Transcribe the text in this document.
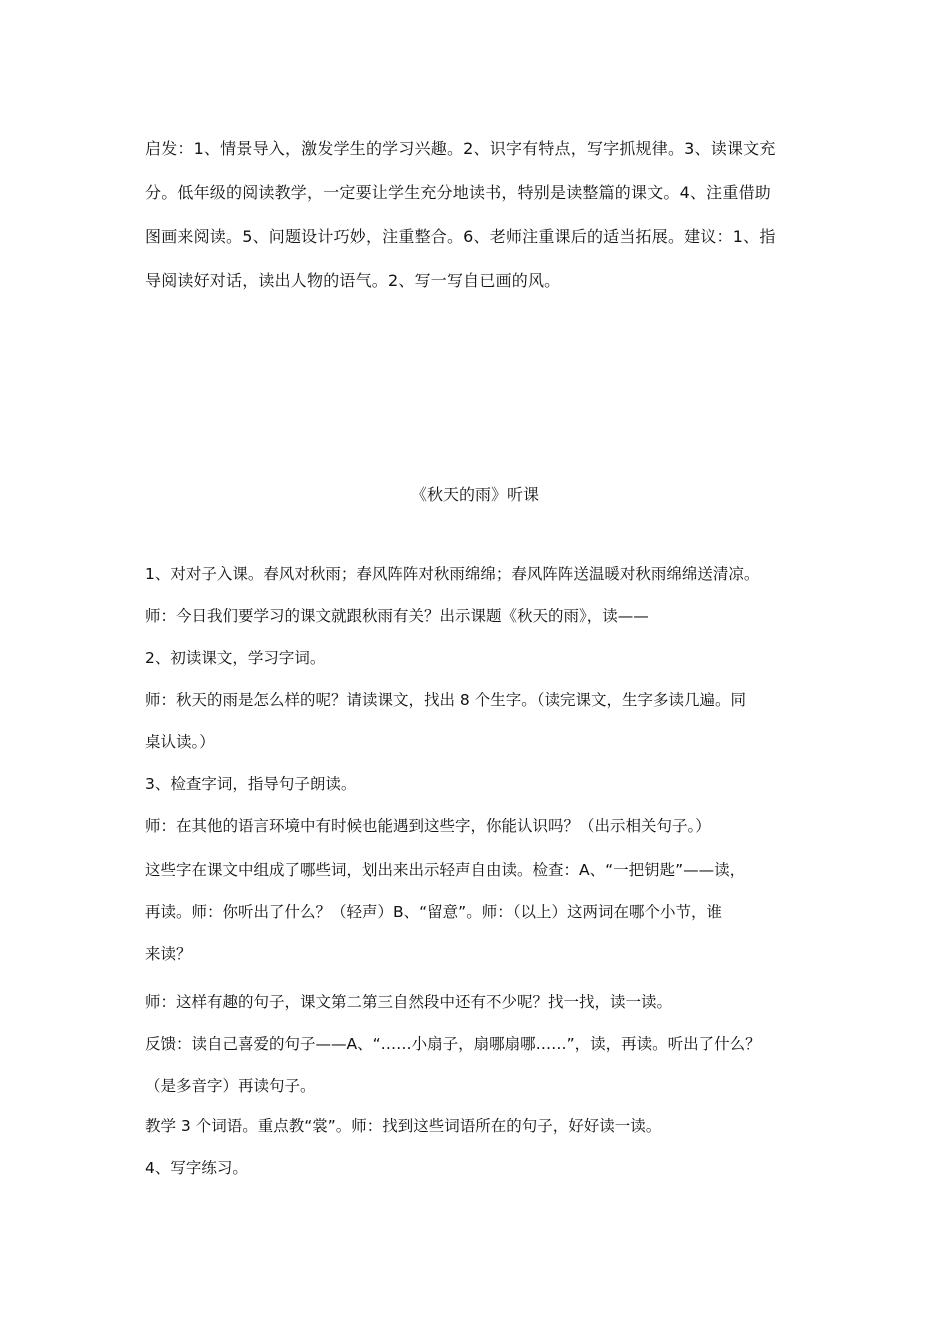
启发：1、情景导入，激发学生的学习兴趣。2、识字有特点，写字抓规律。3、读课文充
分。低年级的阅读教学，一定要让学生充分地读书，特别是读整篇的课文。4、注重借助
图画来阅读。5、问题设计巧妙，注重整合。6、老师注重课后的适当拓展。建议：1、指
导阅读好对话，读出人物的语气。2、写一写自已画的风。
《秋天的雨》听课
1、对对子入课。春风对秋雨；春风阵阵对秋雨绵绵；春风阵阵送温暖对秋雨绵绵送清凉。
师：今日我们要学习的课文就跟秋雨有关？出示课题《秋天的雨》，读——
2、初读课文，学习字词。
师：秋天的雨是怎么样的呢？请读课文，找出 8 个生字。（读完课文，生字多读几遍。同
桌认读。）
3、检查字词，指导句子朗读。
师：在其他的语言环境中有时候也能遇到这些字，你能认识吗？（出示相关句子。）
这些字在课文中组成了哪些词，划出来出示轻声自由读。检查：A、“一把钥匙”——读，
再读。师：你听出了什么？（轻声）B、“留意”。师：（以上）这两词在哪个小节，谁
来读？
师：这样有趣的句子，课文第二第三自然段中还有不少呢？找一找，读一读。
反馈：读自己喜爱的句子——A、“……小扇子，扇哪扇哪……”，读，再读。听出了什么？
（是多音字）再读句子。
教学 3 个词语。重点教“裳”。师：找到这些词语所在的句子，好好读一读。
4、写字练习。
